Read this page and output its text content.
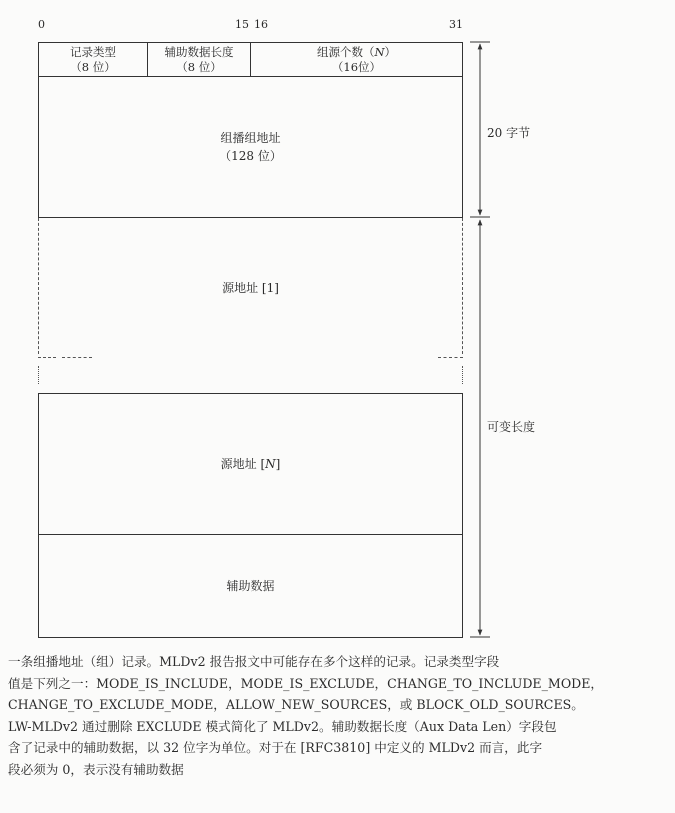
0	15 16	31
记录类型
（8 位）
辅助数据长度
（8 位）
组源个数（N）
（16位）
组播组地址
（128 位）
源地址 [1]
源地址 [N]
辅助数据
20 字节
可变长度

一条组播地址（组）记录。MLDv2 报告报文中可能存在多个这样的记录。记录类型字段

值是下列之一：MODE_IS_INCLUDE，MODE_IS_EXCLUDE，CHANGE_TO_INCLUDE_MODE，

CHANGE_TO_EXCLUDE_MODE，ALLOW_NEW_SOURCES，或 BLOCK_OLD_SOURCES。

LW-MLDv2 通过删除 EXCLUDE 模式简化了 MLDv2。辅助数据长度（Aux Data Len）字段包

含了记录中的辅助数据，以 32 位字为单位。对于在 [RFC3810] 中定义的 MLDv2 而言，此字

段必须为 0，表示没有辅助数据
